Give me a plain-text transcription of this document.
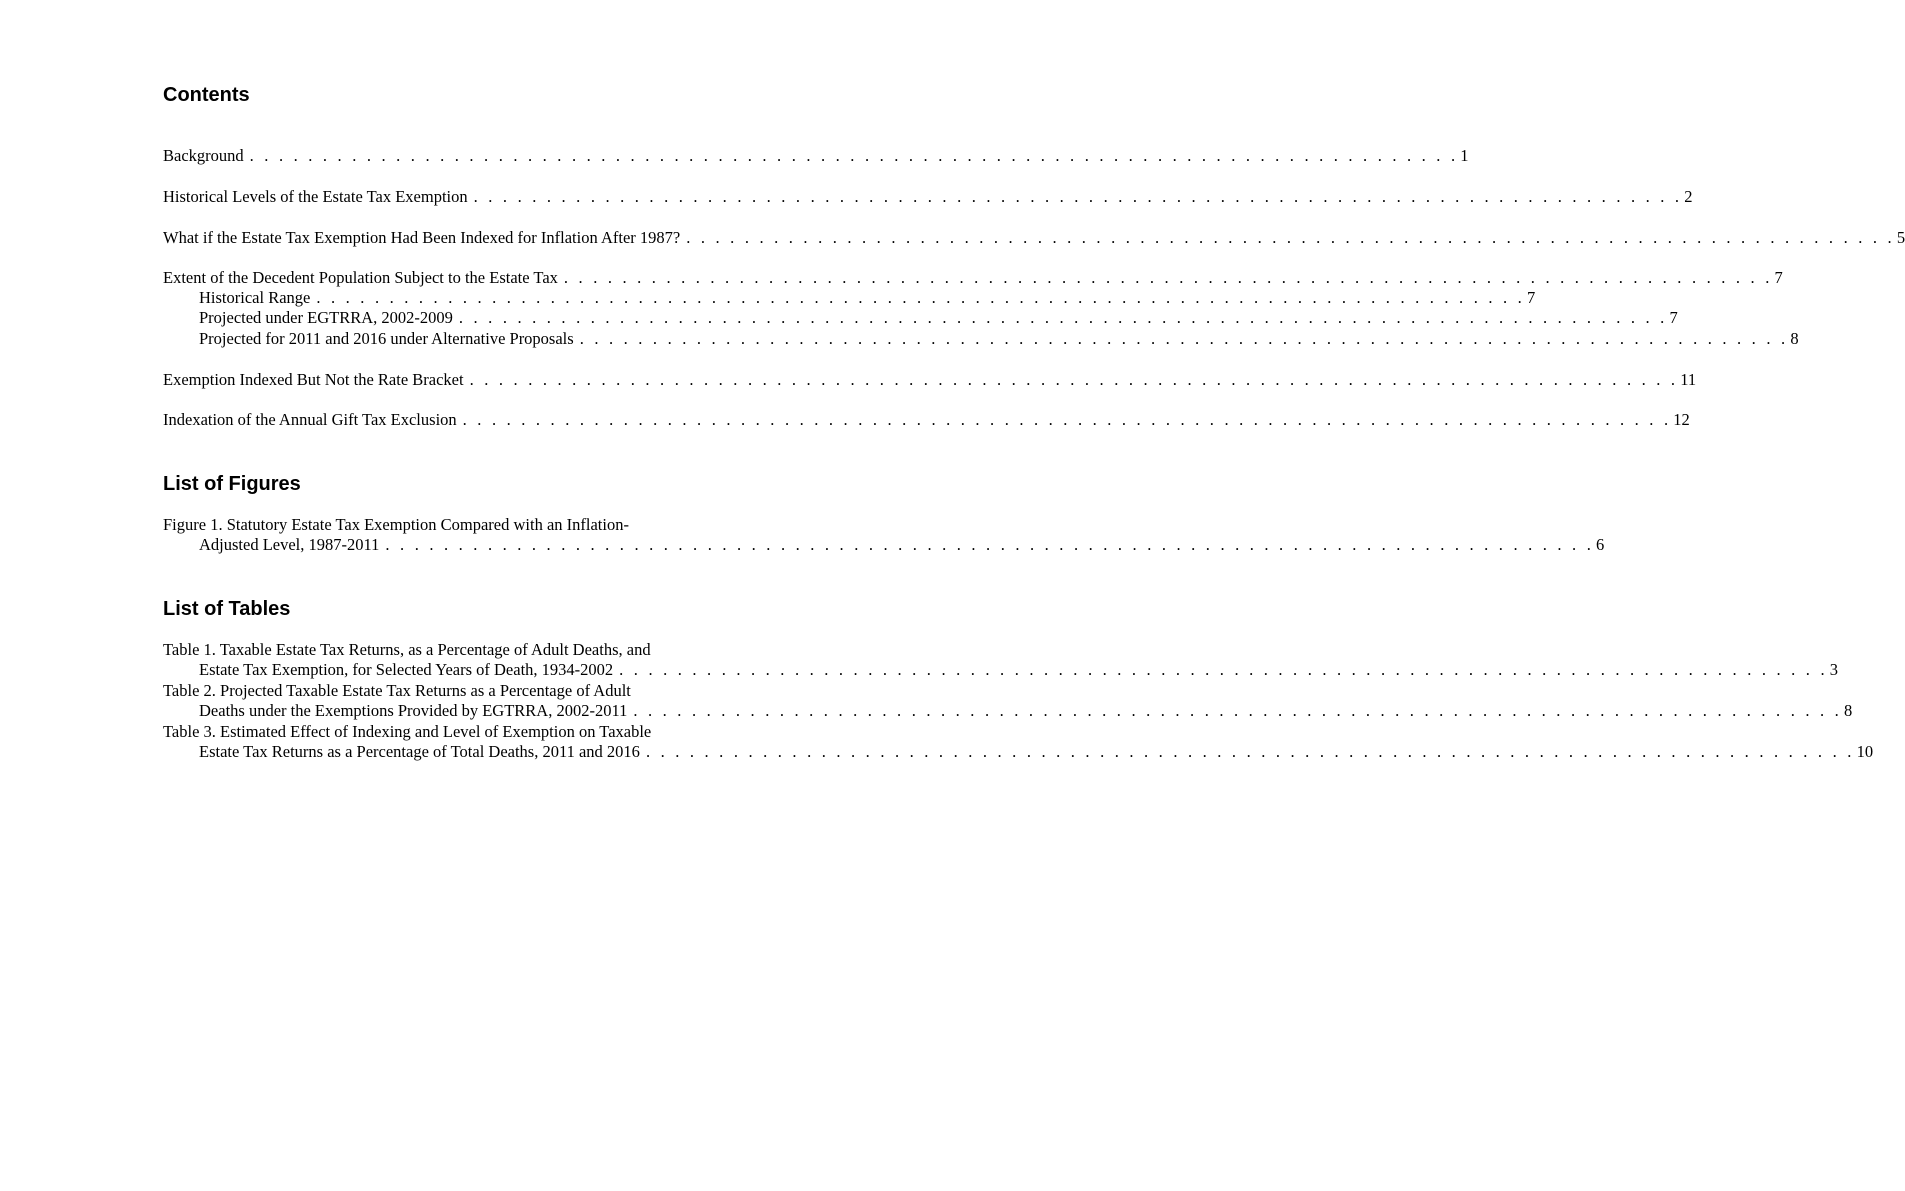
Contents
Background . . . . . . . . . . . . . . . . . . . . . . . . . . . . . . . . . . . . . . . . . . . . . . . . . . . . . . . . . . . . . . . . . . . . . . . . . . . . . . . . . . . 1
Historical Levels of the Estate Tax Exemption . . . . . . . . . . . . . . . . . . . . . . . . . . . . . . . . . . . . . . . . . . . . . . . . . . . . . . . . . . . . . . . . . . . . . . . . . . . . . . . . . . . 2
What if the Estate Tax Exemption Had Been Indexed for Inflation After 1987? . . . . . . . . . . . . . . . . . . . . . . . . . . . . . . . . . . . . . . . . . . . . . . . . . . . . . . . . . . . . . . . . . . . . . . . . . . . . . . . . . . . 5
Extent of the Decedent Population Subject to the Estate Tax . . . . . . . . . . . . . . . . . . . . . . . . . . . . . . . . . . . . . . . . . . . . . . . . . . . . . . . . . . . . . . . . . . . . . . . . . . . . . . . . . . . 7
Historical Range . . . . . . . . . . . . . . . . . . . . . . . . . . . . . . . . . . . . . . . . . . . . . . . . . . . . . . . . . . . . . . . . . . . . . . . . . . . . . . . . . . . 7
Projected under EGTRRA, 2002-2009 . . . . . . . . . . . . . . . . . . . . . . . . . . . . . . . . . . . . . . . . . . . . . . . . . . . . . . . . . . . . . . . . . . . . . . . . . . . . . . . . . . . 7
Projected for 2011 and 2016 under Alternative Proposals . . . . . . . . . . . . . . . . . . . . . . . . . . . . . . . . . . . . . . . . . . . . . . . . . . . . . . . . . . . . . . . . . . . . . . . . . . . . . . . . . . . 8
Exemption Indexed But Not the Rate Bracket . . . . . . . . . . . . . . . . . . . . . . . . . . . . . . . . . . . . . . . . . . . . . . . . . . . . . . . . . . . . . . . . . . . . . . . . . . . . . . . . . . . 11
Indexation of the Annual Gift Tax Exclusion . . . . . . . . . . . . . . . . . . . . . . . . . . . . . . . . . . . . . . . . . . . . . . . . . . . . . . . . . . . . . . . . . . . . . . . . . . . . . . . . . . . 12
List of Figures
Figure 1. Statutory Estate Tax Exemption Compared with an Inflation-
Adjusted Level, 1987-2011 . . . . . . . . . . . . . . . . . . . . . . . . . . . . . . . . . . . . . . . . . . . . . . . . . . . . . . . . . . . . . . . . . . . . . . . . . . . . . . . . . . . 6
List of Tables
Table 1. Taxable Estate Tax Returns, as a Percentage of Adult Deaths, and
Estate Tax Exemption, for Selected Years of Death, 1934-2002 . . . . . . . . . . . . . . . . . . . . . . . . . . . . . . . . . . . . . . . . . . . . . . . . . . . . . . . . . . . . . . . . . . . . . . . . . . . . . . . . . . . 3
Table 2. Projected Taxable Estate Tax Returns as a Percentage of Adult
Deaths under the Exemptions Provided by EGTRRA, 2002-2011 . . . . . . . . . . . . . . . . . . . . . . . . . . . . . . . . . . . . . . . . . . . . . . . . . . . . . . . . . . . . . . . . . . . . . . . . . . . . . . . . . . . 8
Table 3. Estimated Effect of Indexing and Level of Exemption on Taxable
Estate Tax Returns as a Percentage of Total Deaths, 2011 and 2016 . . . . . . . . . . . . . . . . . . . . . . . . . . . . . . . . . . . . . . . . . . . . . . . . . . . . . . . . . . . . . . . . . . . . . . . . . . . . . . . . . . . 10
